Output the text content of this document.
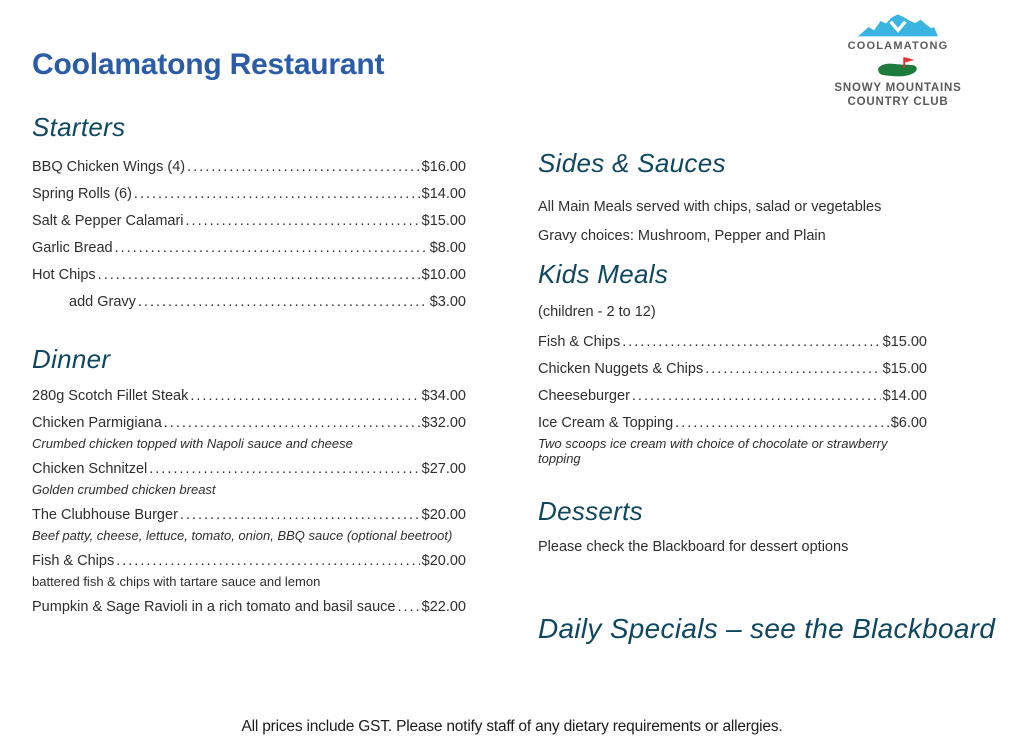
Coolamatong Restaurant
COOLAMATONG
SNOWY MOUNTAINS
COUNTRY CLUB
Starters
BBQ Chicken Wings (4) .....	$16.00
Spring Rolls (6) .....	$14.00
Salt & Pepper Calamari .....	$15.00
Garlic Bread .....	$8.00
Hot Chips .....	$10.00
add Gravy .....	$3.00
Dinner
280g Scotch Fillet Steak .....	$34.00
Chicken Parmigiana .....	$32.00
Crumbed chicken topped with Napoli sauce and cheese
Chicken Schnitzel .....	$27.00
Golden crumbed chicken breast
The Clubhouse Burger .....	$20.00
Beef patty, cheese, lettuce, tomato, onion, BBQ sauce (optional beetroot)
Fish & Chips .....	$20.00
battered fish & chips with tartare sauce and lemon
Pumpkin & Sage Ravioli in a rich tomato and basil sauce ..... $22.00
Sides & Sauces
All Main Meals served with chips, salad or vegetables
Gravy choices: Mushroom, Pepper and Plain
Kids Meals
(children - 2 to 12)
Fish & Chips .....	$15.00
Chicken Nuggets & Chips .....	$15.00
Cheeseburger .....	$14.00
Ice Cream & Topping .....	$6.00
Two scoops ice cream with choice of chocolate or strawberry topping
Desserts
Please check the Blackboard for dessert options
Daily Specials – see the Blackboard
All prices include GST. Please notify staff of any dietary requirements or allergies.
